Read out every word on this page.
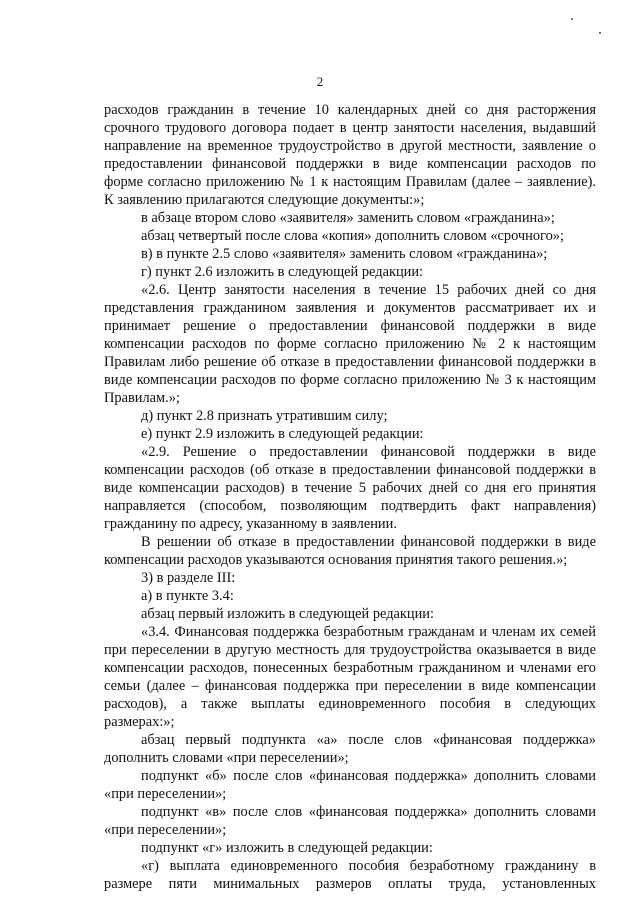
2

расходов гражданин в течение 10 календарных дней со дня расторжения срочного трудового договора подает в центр занятости населения, выдавший направление на временное трудоустройство в другой местности, заявление о предоставлении финансовой поддержки в виде компенсации расходов по форме согласно приложению № 1 к настоящим Правилам (далее – заявление). К заявлению прилагаются следующие документы:»;

в абзаце втором слово «заявителя» заменить словом «гражданина»;

абзац четвертый после слова «копия» дополнить словом «срочного»;

в) в пункте 2.5 слово «заявителя» заменить словом «гражданина»;

г) пункт 2.6 изложить в следующей редакции:

«2.6. Центр занятости населения в течение 15 рабочих дней со дня представления гражданином заявления и документов рассматривает их и принимает решение о предоставлении финансовой поддержки в виде компенсации расходов по форме согласно приложению № 2 к настоящим Правилам либо решение об отказе в предоставлении финансовой поддержки в виде компенсации расходов по форме согласно приложению № 3 к настоящим Правилам.»;

д) пункт 2.8 признать утратившим силу;

е) пункт 2.9 изложить в следующей редакции:

«2.9. Решение о предоставлении финансовой поддержки в виде компенсации расходов (об отказе в предоставлении финансовой поддержки в виде компенсации расходов) в течение 5 рабочих дней со дня его принятия направляется (способом, позволяющим подтвердить факт направления) гражданину по адресу, указанному в заявлении.

В решении об отказе в предоставлении финансовой поддержки в виде компенсации расходов указываются основания принятия такого решения.»;

3) в разделе III:

а) в пункте 3.4:

абзац первый изложить в следующей редакции:

«3.4. Финансовая поддержка безработным гражданам и членам их семей при переселении в другую местность для трудоустройства оказывается в виде компенсации расходов, понесенных безработным гражданином и членами его семьи (далее – финансовая поддержка при переселении в виде компенсации расходов), а также выплаты единовременного пособия в следующих размерах:»;

абзац первый подпункта «а» после слов «финансовая поддержка» дополнить словами «при переселении»;

подпункт «б» после слов «финансовая поддержка» дополнить словами «при переселении»;

подпункт «в» после слов «финансовая поддержка» дополнить словами «при переселении»;

подпункт «г» изложить в следующей редакции:

«г) выплата единовременного пособия безработному гражданину в размере пяти минимальных размеров оплаты труда, установленных
